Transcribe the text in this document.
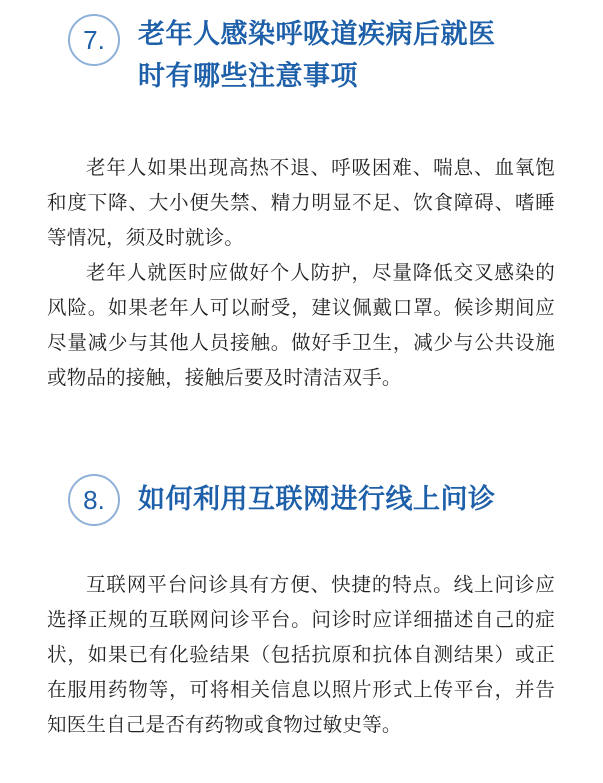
7.	老年人感染呼吸道疾病后就医时有哪些注意事项

老年人如果出现高热不退、呼吸困难、喘息、血氧饱和度下降、大小便失禁、精力明显不足、饮食障碍、嗜睡等情况，须及时就诊。

老年人就医时应做好个人防护，尽量降低交叉感染的风险。如果老年人可以耐受，建议佩戴口罩。候诊期间应尽量减少与其他人员接触。做好手卫生，减少与公共设施或物品的接触，接触后要及时清洁双手。

8.	如何利用互联网进行线上问诊

互联网平台问诊具有方便、快捷的特点。线上问诊应选择正规的互联网问诊平台。问诊时应详细描述自己的症状，如果已有化验结果（包括抗原和抗体自测结果）或正在服用药物等，可将相关信息以照片形式上传平台，并告知医生自己是否有药物或食物过敏史等。
